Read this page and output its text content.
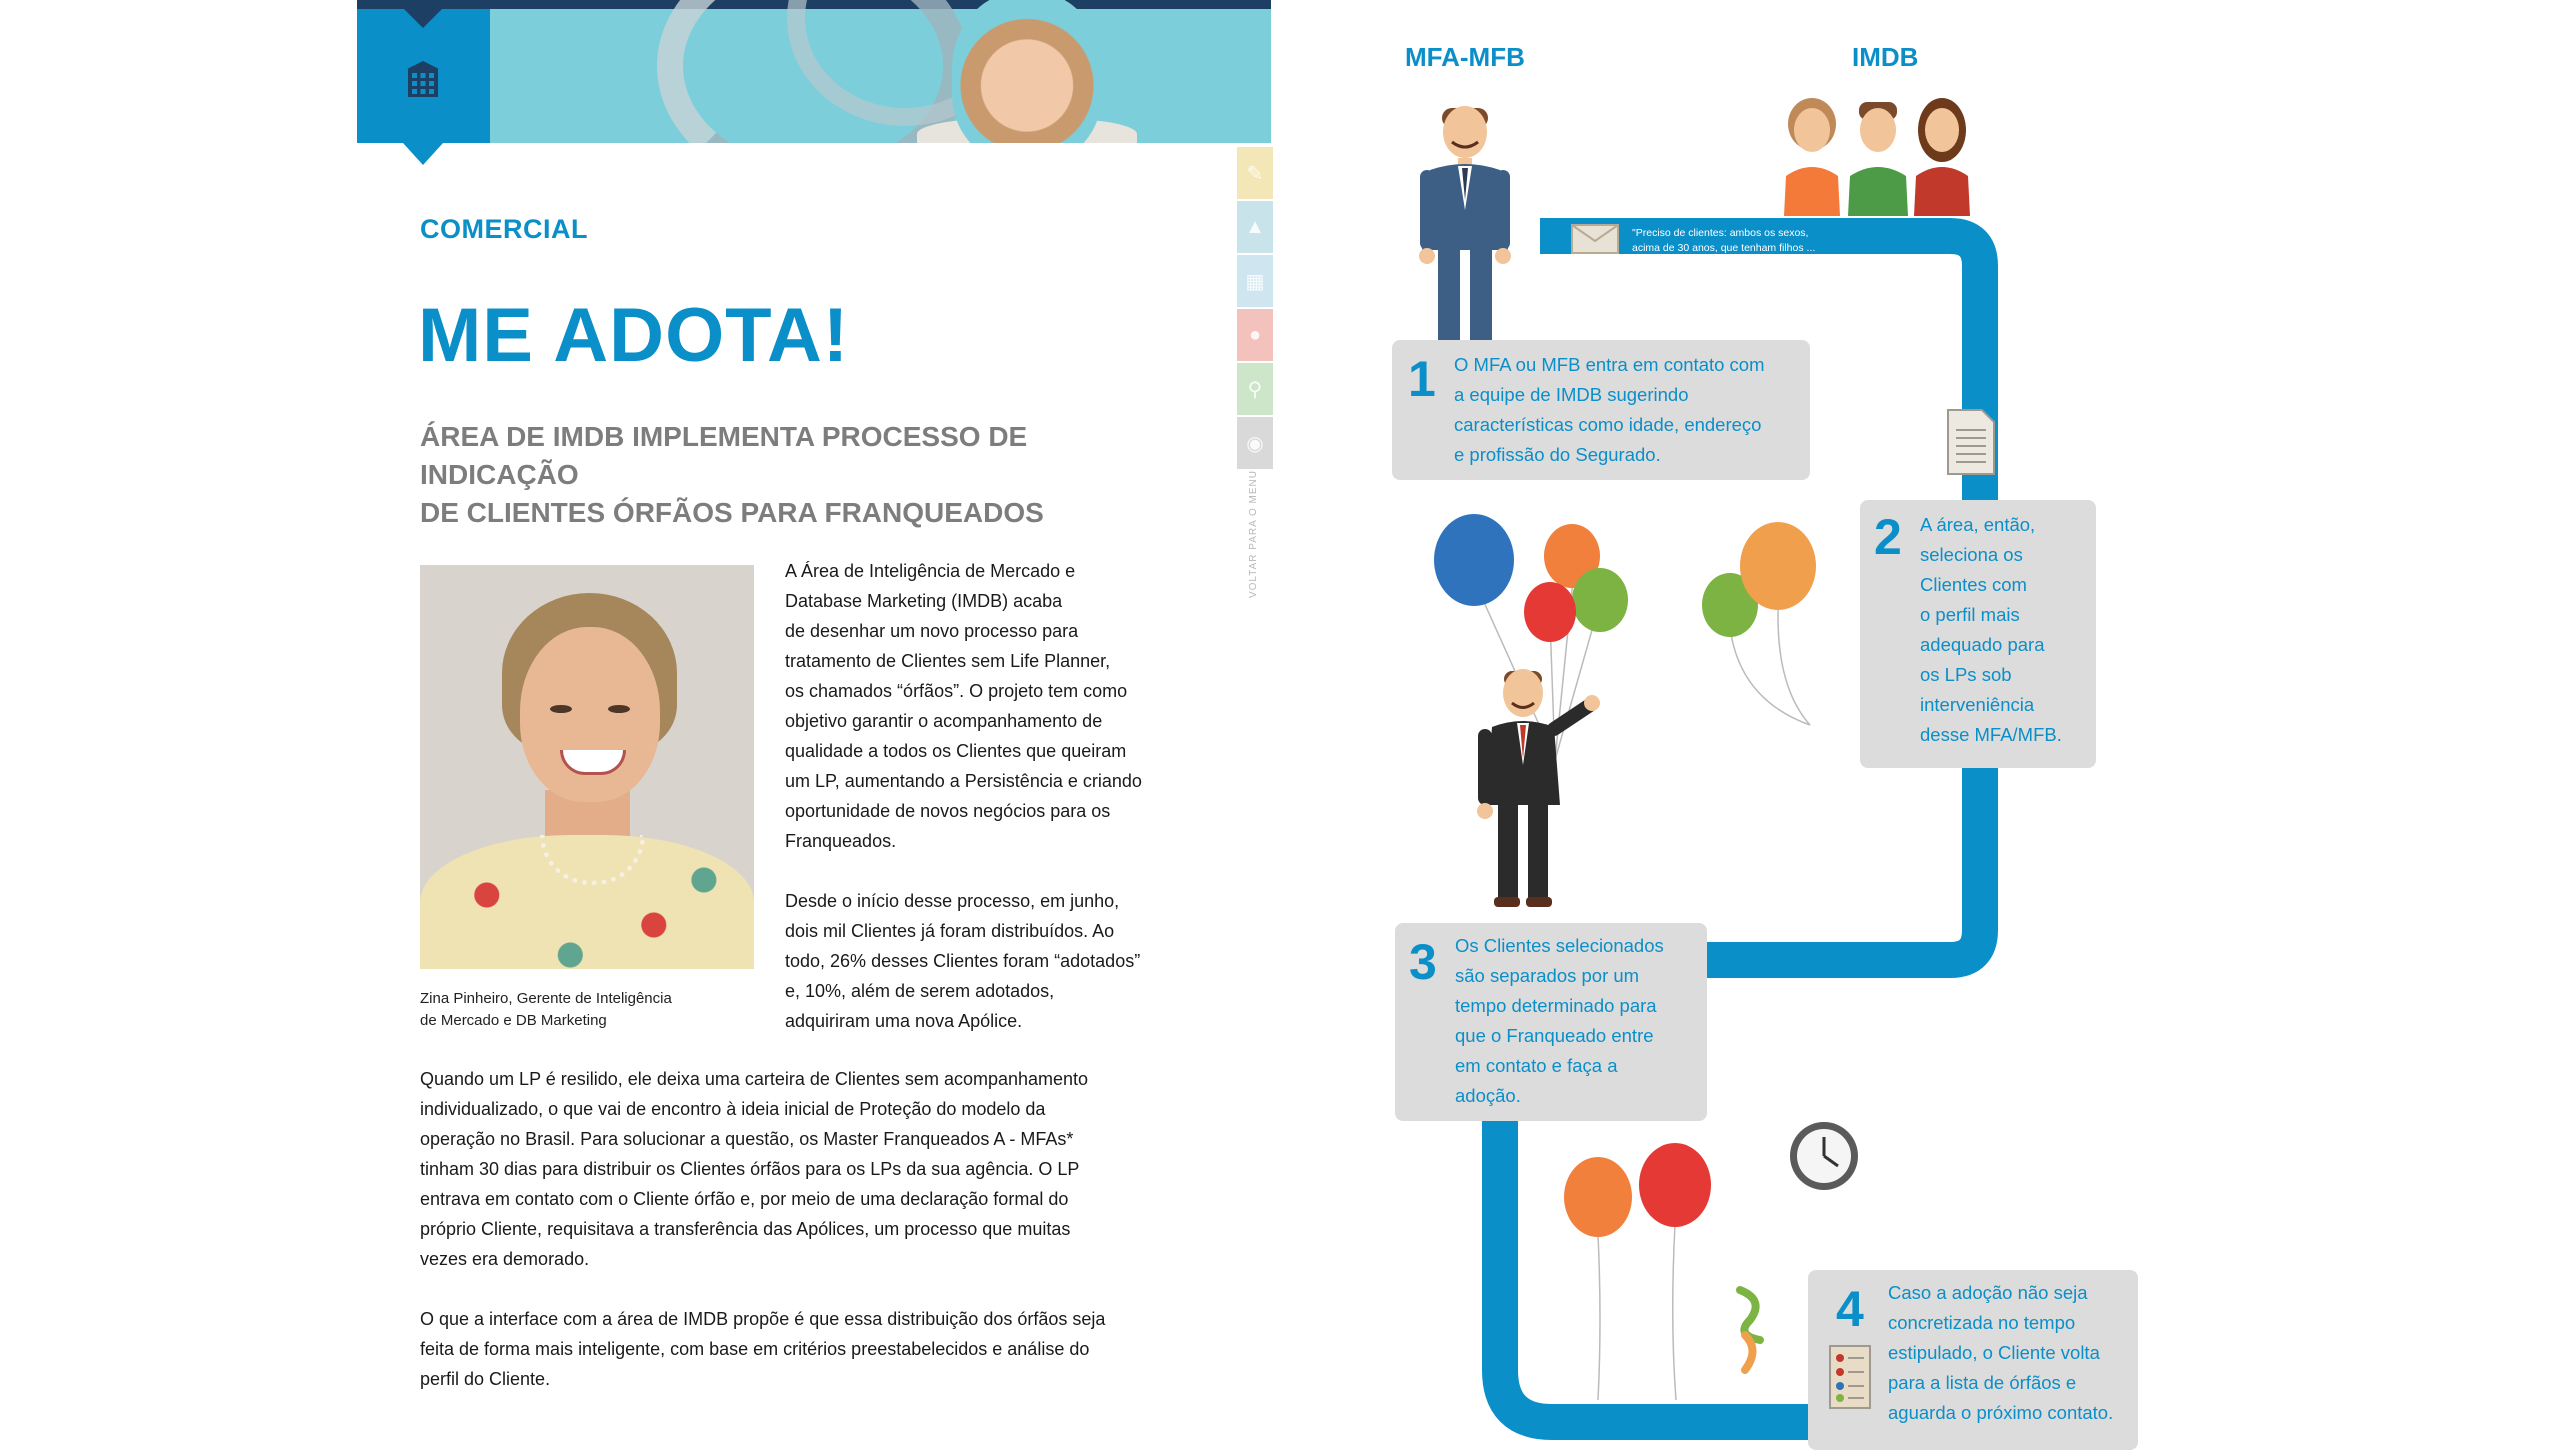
✎
▲
▦
●
⚲
◉
VOLTAR PARA O MENU
COMERCIAL
ME ADOTA!
ÁREA DE IMDB IMPLEMENTA PROCESSO DE INDICAÇÃO
DE CLIENTES ÓRFÃOS PARA FRANQUEADOS
Zina Pinheiro, Gerente de Inteligência
de Mercado e DB Marketing

A Área de Inteligência de Mercado e
Database Marketing (IMDB) acaba
de desenhar um novo processo para
tratamento de Clientes sem Life Planner,
os chamados “órfãos”. O projeto tem como
objetivo garantir o acompanhamento de
qualidade a todos os Clientes que queiram
um LP, aumentando a Persistência e criando
oportunidade de novos negócios para os
Franqueados.

Desde o início desse processo, em junho,
dois mil Clientes já foram distribuídos. Ao
todo, 26% desses Clientes foram “adotados”
e, 10%, além de serem adotados,
adquiriram uma nova Apólice.

Quando um LP é resilido, ele deixa uma carteira de Clientes sem acompanhamento
individualizado, o que vai de encontro à ideia inicial de Proteção do modelo da
operação no Brasil. Para solucionar a questão, os Master Franqueados A - MFAs*
tinham 30 dias para distribuir os Clientes órfãos para os LPs da sua agência. O LP
entrava em contato com o Cliente órfão e, por meio de uma declaração formal do
próprio Cliente, requisitava a transferência das Apólices, um processo que muitas
vezes era demorado.

O que a interface com a área de IMDB propõe é que essa distribuição dos órfãos seja
feita de forma mais inteligente, com base em critérios preestabelecidos e análise do
perfil do Cliente.

MFA-MFB	IMDB
"Preciso de clientes: ambos os sexos,
acima de 30 anos, que tenham filhos ...
1 O MFA ou MFB entra em contato com
a equipe de IMDB sugerindo
características como idade, endereço
e profissão do Segurado.
2 A área, então,
seleciona os
Clientes com
o perfil mais
adequado para
os LPs sob
interveniência
desse MFA/MFB.
3 Os Clientes selecionados
são separados por um
tempo determinado para
que o Franqueado entre
em contato e faça a
adoção.
4 Caso a adoção não seja
concretizada no tempo
estipulado, o Cliente volta
para a lista de órfãos e
aguarda o próximo contato.
